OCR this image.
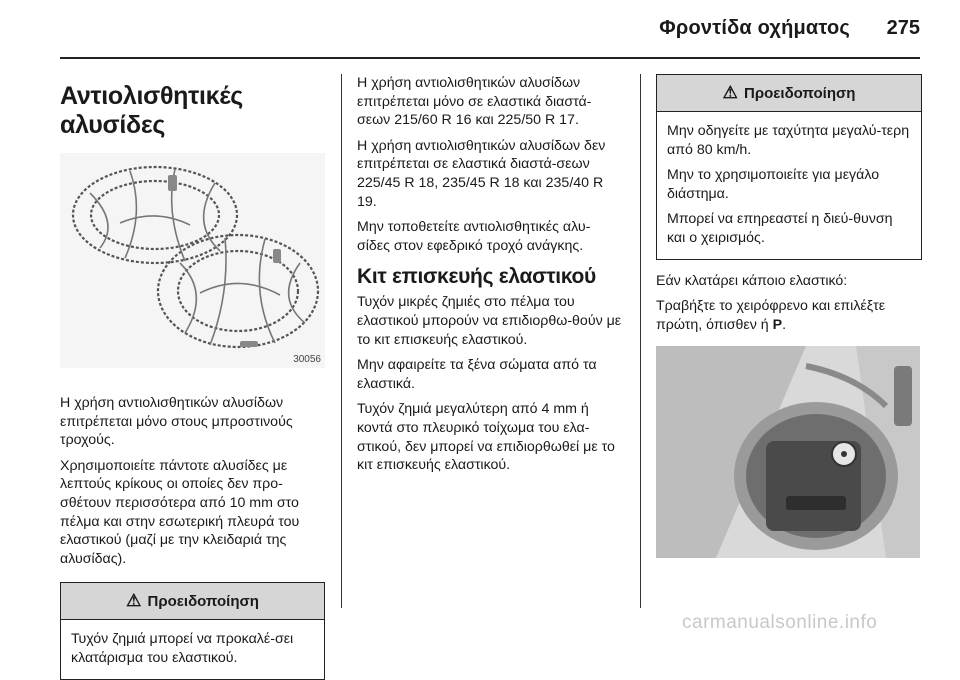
Φροντίδα οχήματος 275
Αντιολισθητικές αλυσίδες
30056

Η χρήση αντιολισθητικών αλυσίδων επιτρέπεται μόνο στους μπροστινούς τροχούς.

Χρησιμοποιείτε πάντοτε αλυσίδες με λεπτούς κρίκους οι οποίες δεν προ-σθέτουν περισσότερα από 10 mm στο πέλμα και στην εσωτερική πλευρά του ελαστικού (μαζί με την κλειδαριά της αλυσίδας).

⚠ Προειδοποίηση

Τυχόν ζημιά μπορεί να προκαλέ-σει κλατάρισμα του ελαστικού.

Η χρήση αντιολισθητικών αλυσίδων επιτρέπεται μόνο σε ελαστικά διαστά-σεων 215/60 R 16 και 225/50 R 17.

Η χρήση αντιολισθητικών αλυσίδων δεν επιτρέπεται σε ελαστικά διαστά-σεων 225/45 R 18, 235/45 R 18 και 235/40 R 19.

Μην τοποθετείτε αντιολισθητικές αλυ-σίδες στον εφεδρικό τροχό ανάγκης.

Κιτ επισκευής ελαστικού

Τυχόν μικρές ζημιές στο πέλμα του ελαστικού μπορούν να επιδιορθω-θούν με το κιτ επισκευής ελαστικού.

Μην αφαιρείτε τα ξένα σώματα από τα ελαστικά.

Τυχόν ζημιά μεγαλύτερη από 4 mm ή κοντά στο πλευρικό τοίχωμα του ελα-στικού, δεν μπορεί να επιδιορθωθεί με το κιτ επισκευής ελαστικού.

⚠ Προειδοποίηση

Μην οδηγείτε με ταχύτητα μεγαλύ-τερη από 80 km/h.

Μην το χρησιμοποιείτε για μεγάλο διάστημα.

Μπορεί να επηρεαστεί η διεύ-θυνση και ο χειρισμός.

Εάν κλατάρει κάποιο ελαστικό:

Τραβήξτε το χειρόφρενο και επιλέξτε πρώτη, όπισθεν ή P.

carmanualsonline.info
